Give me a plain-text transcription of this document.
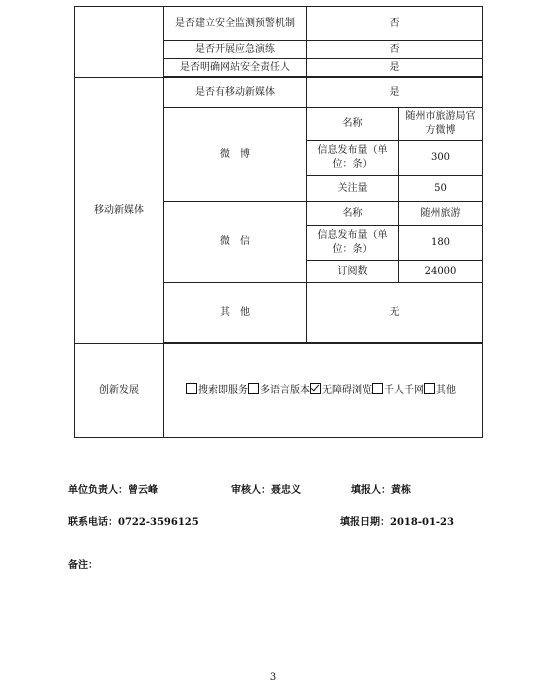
	是否建立安全监测预警机制	否	
	是否开展应急演练	否	
	是否明确网站安全责任人	是	

移动新媒体	是否有移动新媒体	是	
	微　博	名称	随州市旅游局官方微博
		信息发布量（单位：条）	300
		关注量	50
	微　信	名称	随州旅游
		信息发布量（单位：条）	180
		订阅数	24000
	其　他	无	

创新发展	搜索即服务 多语言版本 无障碍浏览 千人千网 其他		
单位负责人：曾云峰	审核人：聂忠义	填报人：黄栋
联系电话：0722-3596125	填报日期：2018-01-23
备注：
3
